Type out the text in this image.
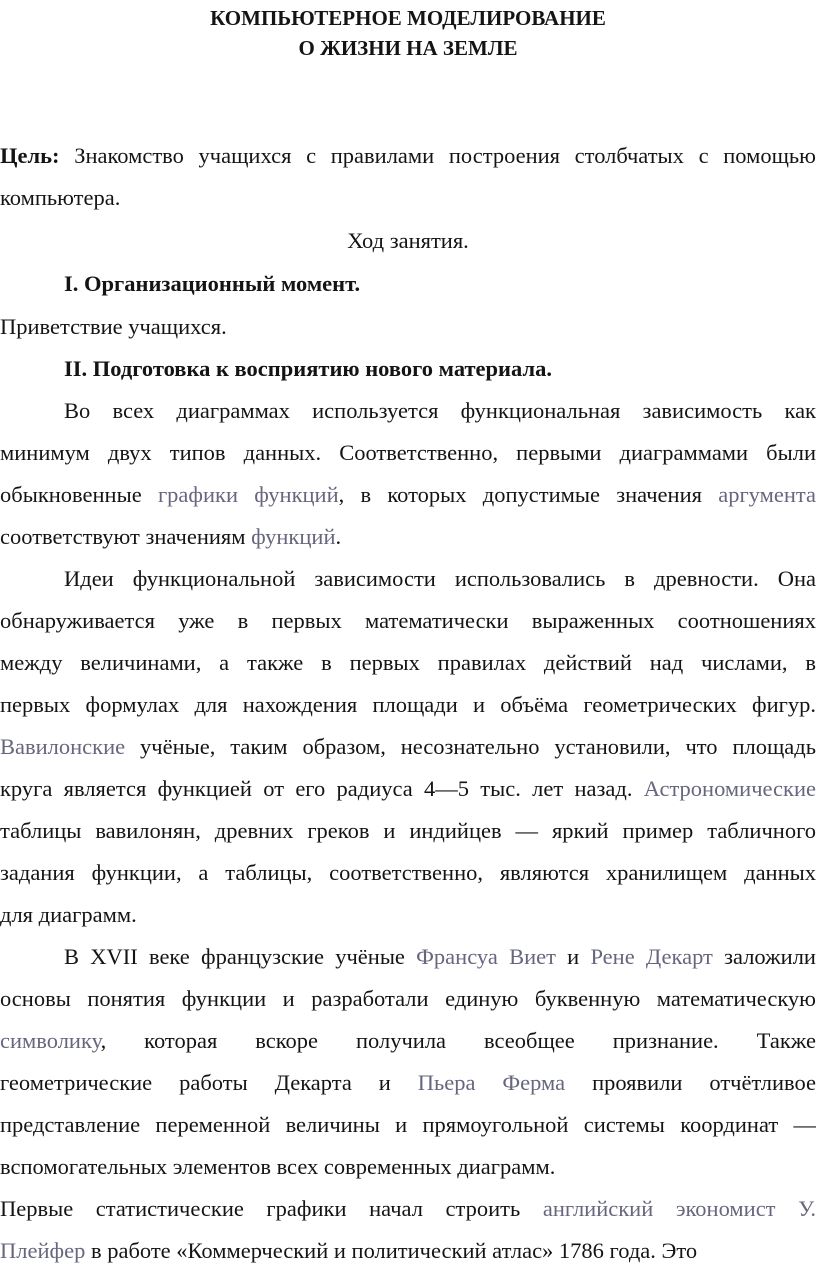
КОМПЬЮТЕРНОЕ МОДЕЛИРОВАНИЕ
О ЖИЗНИ НА ЗЕМЛЕ
Цель: Знакомство учащихся с правилами построения столбчатых с помощью
компьютера.
Ход занятия.
I. Организационный момент.
Приветствие учащихся.
II. Подготовка к восприятию нового материала.
Во всех диаграммах используется функциональная зависимость как
минимум двух типов данных. Соответственно, первыми диаграммами были
обыкновенные графики функций, в которых допустимые значения аргумента
соответствуют значениям функций.
Идеи функциональной зависимости использовались в древности. Она
обнаруживается уже в первых математически выраженных соотношениях
между величинами, а также в первых правилах действий над числами, в
первых формулах для нахождения площади и объёма геометрических фигур.
Вавилонские учёные, таким образом, несознательно установили, что площадь
круга является функцией от его радиуса 4—5 тыс. лет назад. Астрономические
таблицы вавилонян, древних греков и индийцев — яркий пример табличного
задания функции, а таблицы, соответственно, являются хранилищем данных
для диаграмм.
В XVII веке французские учёные Франсуа Виет и Рене Декарт заложили
основы понятия функции и разработали единую буквенную математическую
символику, которая вскоре получила всеобщее признание. Также
геометрические работы Декарта и Пьера Ферма проявили отчётливое
представление переменной величины и прямоугольной системы координат —
вспомогательных элементов всех современных диаграмм.
Первые статистические графики начал строить английский экономист У.
Плейфер в работе «Коммерческий и политический атлас» 1786 года. Это
